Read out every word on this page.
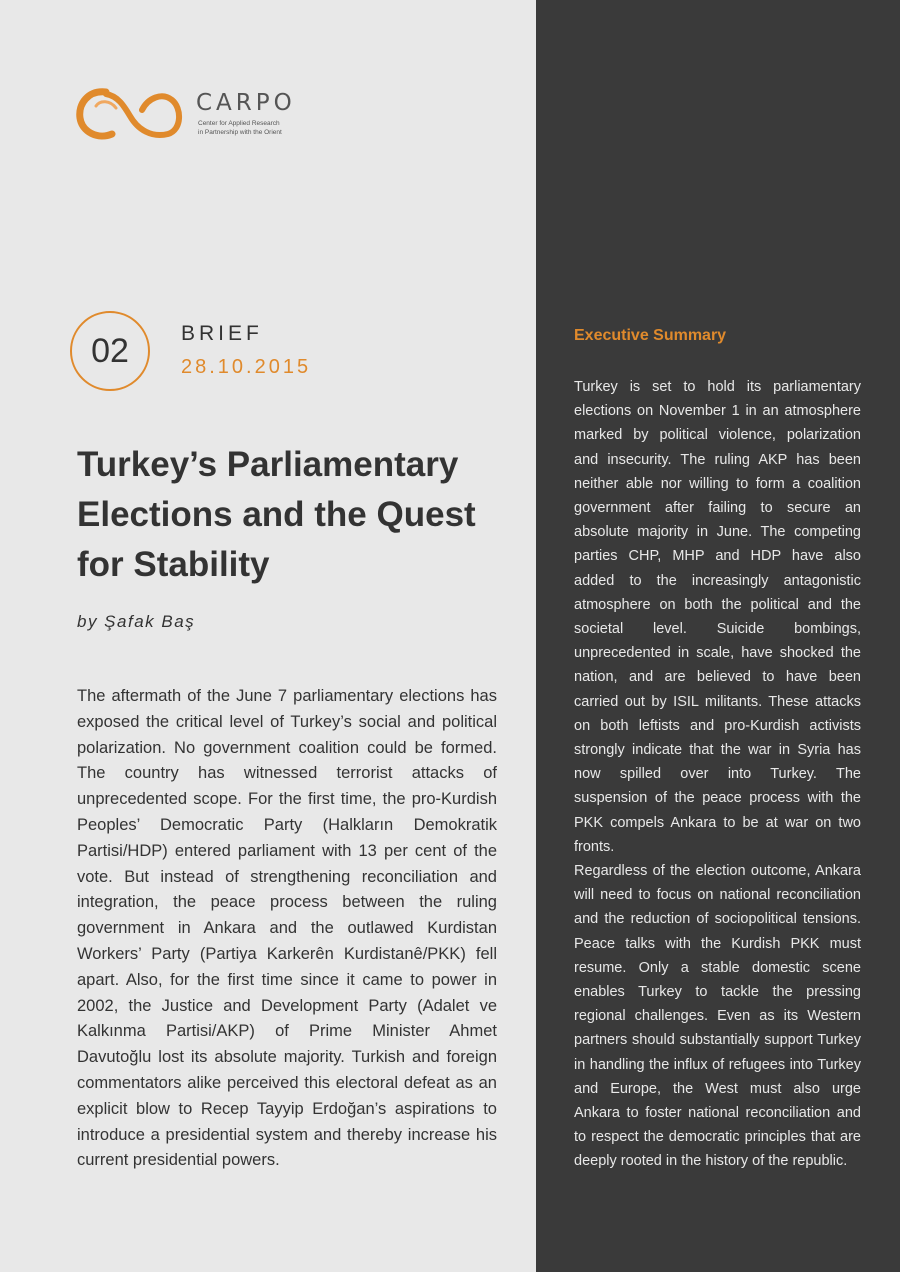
CARPO
Center for Applied Research
in Partnership with the Orient
02 BRIEF
28.10.2015
Turkey’s Parliamentary Elections and the Quest for Stability
by Şafak Baş

The aftermath of the June 7 parliamentary elections has exposed the critical level of Turkey’s social and political polarization. No government coalition could be formed. The country has witnessed terrorist attacks of unprecedented scope. For the first time, the pro-Kurdish Peoples’ Democratic Party (Halkların Demokratik Partisi/HDP) entered parliament with 13 per cent of the vote. But instead of strengthening reconciliation and integration, the peace process between the ruling government in Ankara and the outlawed Kurdistan Workers’ Party (Partiya Karkerên Kurdistanê/PKK) fell apart. Also, for the first time since it came to power in 2002, the Justice and Development Party (Adalet ve Kalkınma Partisi/AKP) of Prime Minister Ahmet Davutoğlu lost its absolute majority. Turkish and foreign commentators alike perceived this electoral defeat as an explicit blow to Recep Tayyip Erdoğan’s aspirations to introduce a presidential system and thereby increase his current presidential powers.

Executive Summary

Turkey is set to hold its parliamentary elections on November 1 in an atmosphere marked by political violence, polarization and insecurity. The ruling AKP has been neither able nor willing to form a coalition government after failing to secure an absolute majority in June. The competing parties CHP, MHP and HDP have also added to the increasingly antagonistic atmosphere on both the political and the societal level. Suicide bombings, unprecedented in scale, have shocked the nation, and are believed to have been carried out by ISIL militants. These attacks on both leftists and pro-Kurdish activists strongly indicate that the war in Syria has now spilled over into Turkey. The suspension of the peace process with the PKK compels Ankara to be at war on two fronts.

Regardless of the election outcome, Ankara will need to focus on national reconciliation and the reduction of sociopolitical tensions. Peace talks with the Kurdish PKK must resume. Only a stable domestic scene enables Turkey to tackle the pressing regional challenges. Even as its Western partners should substantially support Turkey in handling the influx of refugees into Turkey and Europe, the West must also urge Ankara to foster national reconciliation and to respect the democratic principles that are deeply rooted in the history of the republic.
